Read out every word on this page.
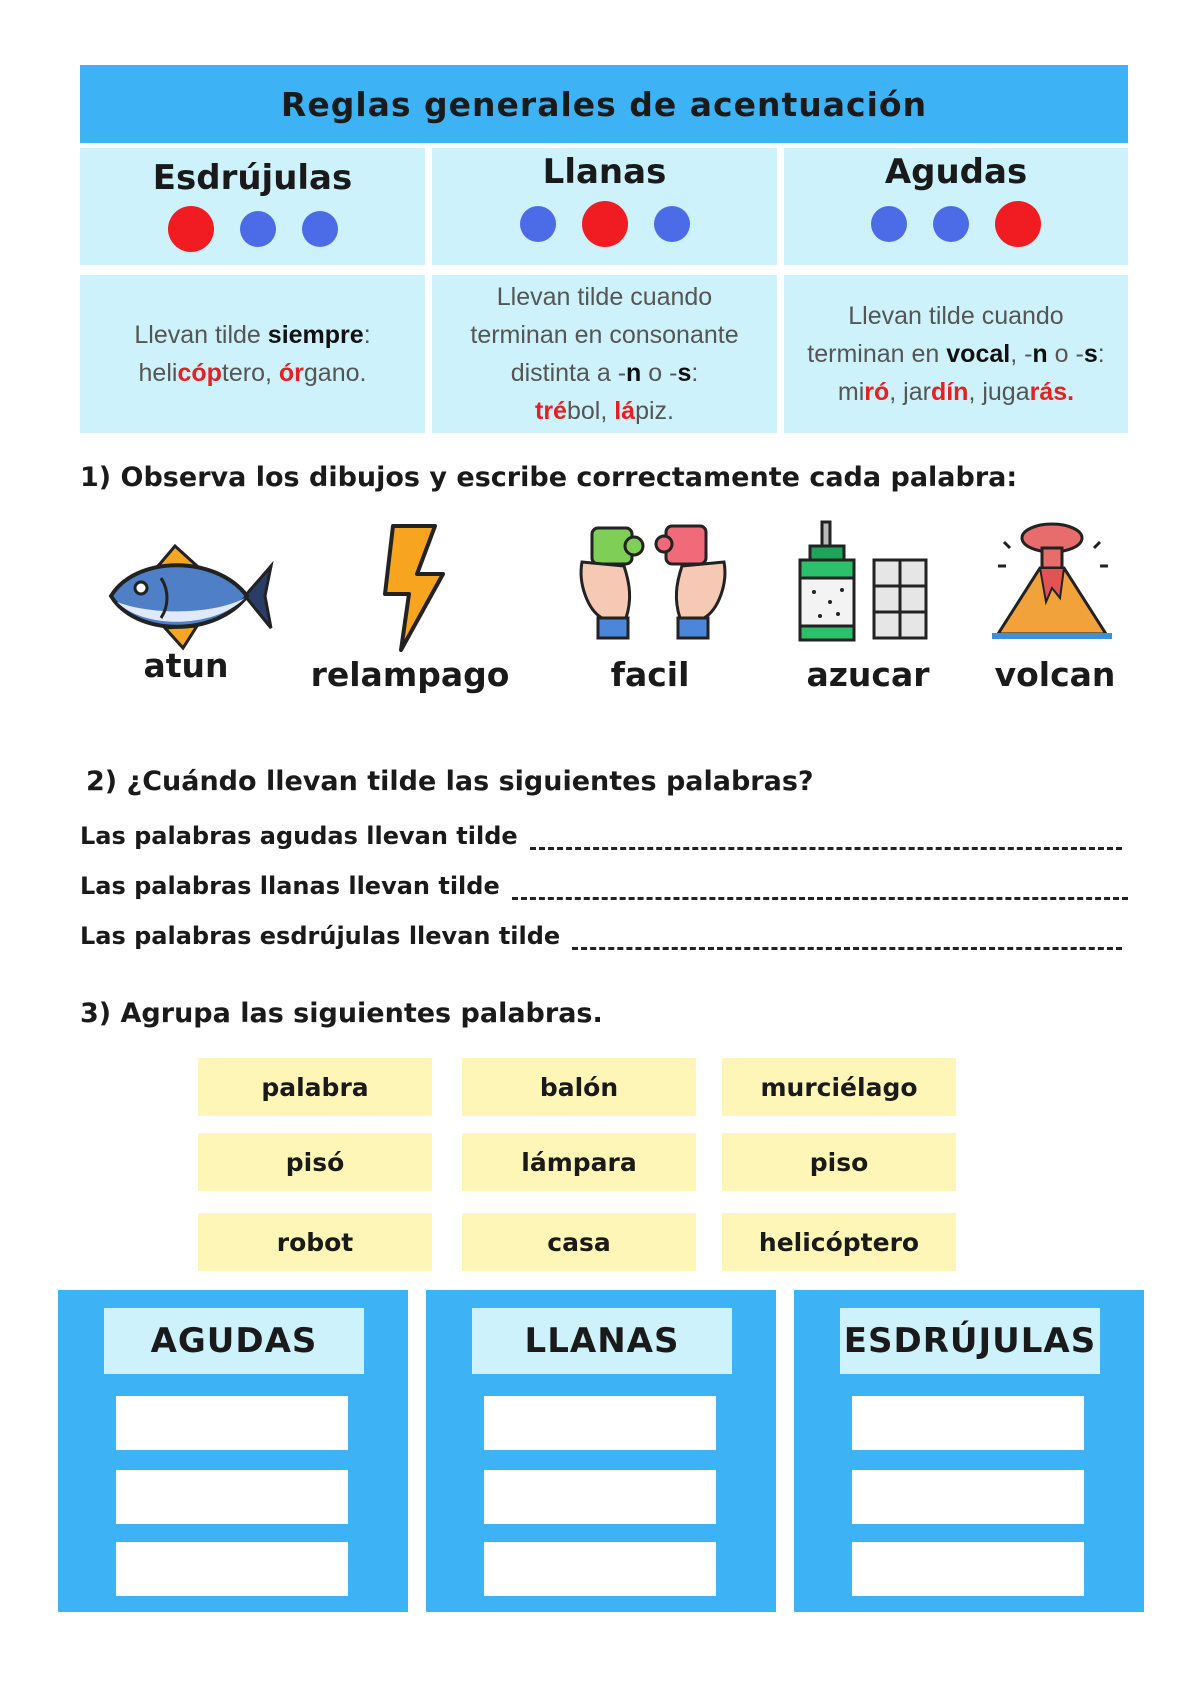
Reglas generales de acentuación
Esdrújulas	Llanas	Agudas
Llevan tilde siempre:
helicóptero, órgano.
Llevan tilde cuando
terminan en consonante
distinta a -n o -s:
trébol, lápiz.
Llevan tilde cuando
terminan en vocal, -n o -s:
miró, jardín, jugarás.
1) Observa los dibujos y escribe correctamente cada palabra:
atun	relampago	facil	azucar	volcan
2) ¿Cuándo llevan tilde las siguientes palabras?
Las palabras agudas llevan tilde
Las palabras llanas llevan tilde
Las palabras esdrújulas llevan tilde
3) Agrupa las siguientes palabras.
palabra	balón	murciélago
pisó	lámpara	piso
robot	casa	helicóptero
AGUDAS	LLANAS	ESDRÚJULAS
